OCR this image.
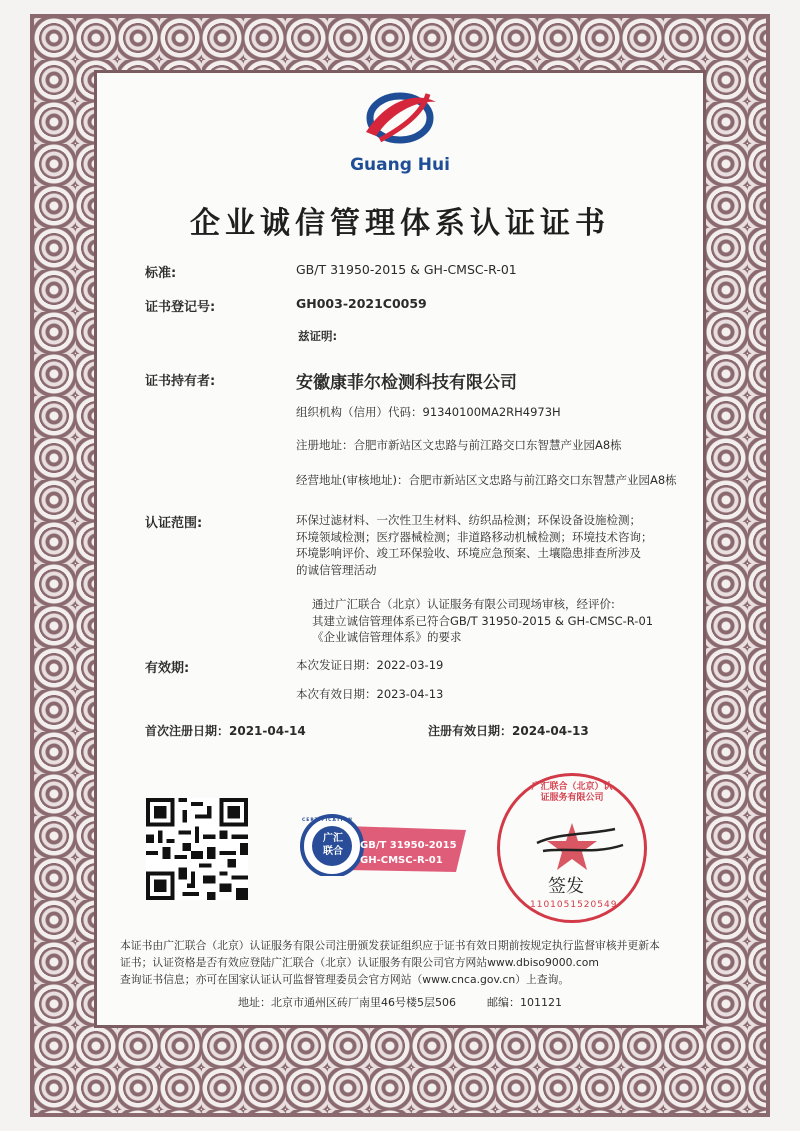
Guang Hui
企业诚信管理体系认证证书
标准:	GB/T 31950-2015 & GH-CMSC-R-01
证书登记号:	GH003-2021C0059
兹证明:
证书持有者:	安徽康菲尔检测科技有限公司
组织机构（信用）代码：91340100MA2RH4973H
注册地址：合肥市新站区文忠路与前江路交口东智慧产业园A8栋
经营地址(审核地址)：合肥市新站区文忠路与前江路交口东智慧产业园A8栋
认证范围:	环保过滤材料、一次性卫生材料、纺织品检测；环保设备设施检测；
环境领域检测；医疗器械检测；非道路移动机械检测；环境技术咨询；
环境影响评价、竣工环保验收、环境应急预案、土壤隐患排查所涉及
的诚信管理活动
通过广汇联合（北京）认证服务有限公司现场审核，经评价:
其建立诚信管理体系已符合GB/T 31950-2015 & GH-CMSC-R-01
《企业诚信管理体系》的要求
有效期:	本次发证日期：2022-03-19
本次有效日期：2023-04-13
首次注册日期：2021-04-14	注册有效日期：2024-04-13
广汇
联合
CERTIFICATION
GB/T 31950-2015
GH-CMSC-R-01
广汇联合（北京）认证服务有限公司
签发
1101051520549
本证书由广汇联合（北京）认证服务有限公司注册颁发获证组织应于证书有效日期前按规定执行监督审核并更新本
证书；认证资格是否有效应登陆广汇联合（北京）认证服务有限公司官方网站www.dbiso9000.com
查询证书信息；亦可在国家认证认可监督管理委员会官方网站（www.cnca.gov.cn）上查询。
地址：北京市通州区砖厂南里46号楼5层506	邮编：101121
